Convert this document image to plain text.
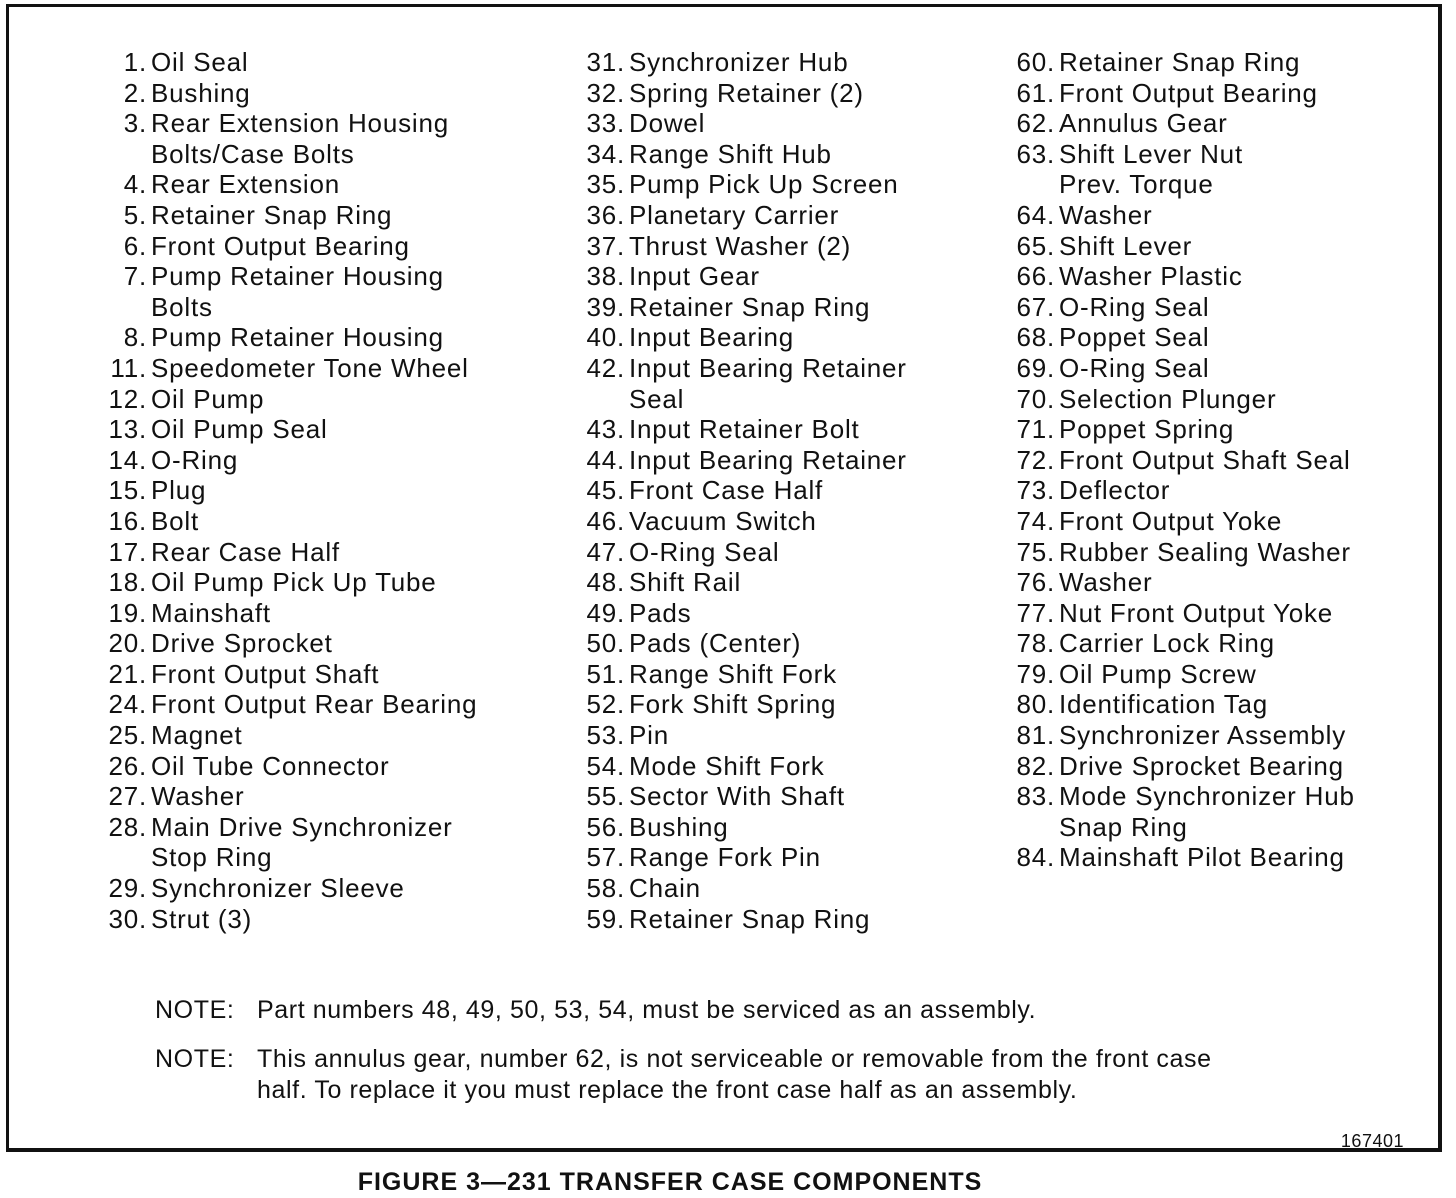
1. Oil Seal
2. Bushing
3. Rear Extension Housing
Bolts/Case Bolts
4. Rear Extension
5. Retainer Snap Ring
6. Front Output Bearing
7. Pump Retainer Housing
Bolts
8. Pump Retainer Housing
11. Speedometer Tone Wheel
12. Oil Pump
13. Oil Pump Seal
14. O-Ring
15. Plug
16. Bolt
17. Rear Case Half
18. Oil Pump Pick Up Tube
19. Mainshaft
20. Drive Sprocket
21. Front Output Shaft
24. Front Output Rear Bearing
25. Magnet
26. Oil Tube Connector
27. Washer
28. Main Drive Synchronizer
Stop Ring
29. Synchronizer Sleeve
30. Strut (3)
31. Synchronizer Hub
32. Spring Retainer (2)
33. Dowel
34. Range Shift Hub
35. Pump Pick Up Screen
36. Planetary Carrier
37. Thrust Washer (2)
38. Input Gear
39. Retainer Snap Ring
40. Input Bearing
42. Input Bearing Retainer
Seal
43. Input Retainer Bolt
44. Input Bearing Retainer
45. Front Case Half
46. Vacuum Switch
47. O-Ring Seal
48. Shift Rail
49. Pads
50. Pads (Center)
51. Range Shift Fork
52. Fork Shift Spring
53. Pin
54. Mode Shift Fork
55. Sector With Shaft
56. Bushing
57. Range Fork Pin
58. Chain
59. Retainer Snap Ring
60. Retainer Snap Ring
61. Front Output Bearing
62. Annulus Gear
63. Shift Lever Nut
Prev. Torque
64. Washer
65. Shift Lever
66. Washer Plastic
67. O-Ring Seal
68. Poppet Seal
69. O-Ring Seal
70. Selection Plunger
71. Poppet Spring
72. Front Output Shaft Seal
73. Deflector
74. Front Output Yoke
75. Rubber Sealing Washer
76. Washer
77. Nut Front Output Yoke
78. Carrier Lock Ring
79. Oil Pump Screw
80. Identification Tag
81. Synchronizer Assembly
82. Drive Sprocket Bearing
83. Mode Synchronizer Hub
Snap Ring
84. Mainshaft Pilot Bearing
NOTE: Part numbers 48, 49, 50, 53, 54, must be serviced as an assembly.
NOTE: This annulus gear, number 62, is not serviceable or removable from the front case half. To replace it you must replace the front case half as an assembly.
167401
FIGURE 3—231 TRANSFER CASE COMPONENTS
